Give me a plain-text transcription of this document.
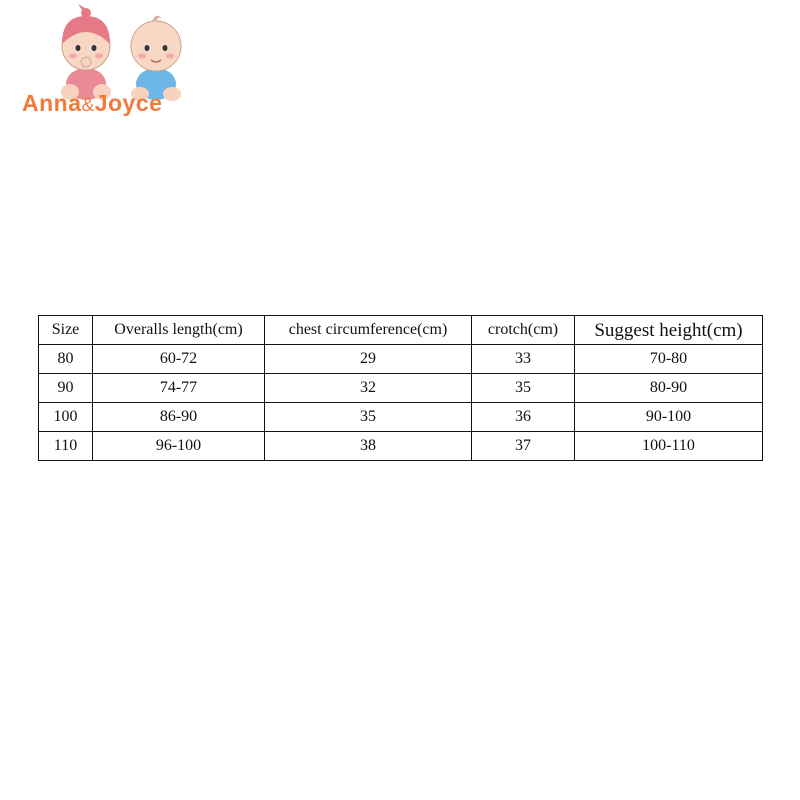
Anna&Joyce
Size	Overalls length(cm)	chest circumference(cm)	crotch(cm)	Suggest height(cm)
80	60-72	29	33	70-80
90	74-77	32	35	80-90
100	86-90	35	36	90-100
110	96-100	38	37	100-110
